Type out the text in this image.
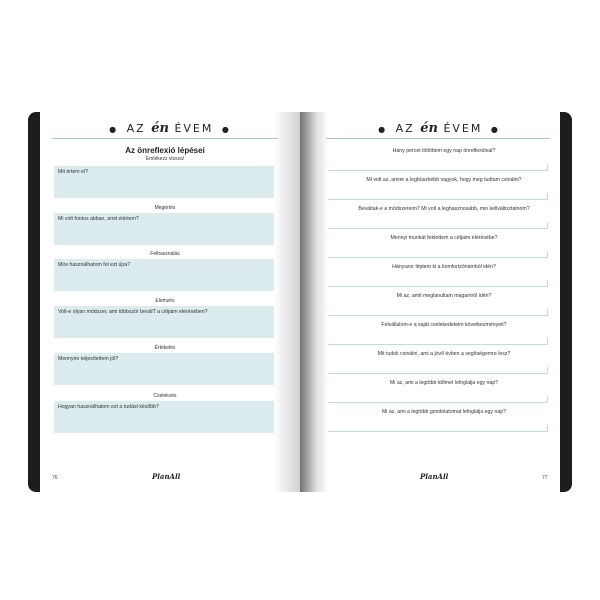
● AZ én ÉVEM ●
Az önreflexió lépései
Emlékezz vissza!
Mit értem el?
Megértés
Mi volt fontos abban, amit elértem?
Felhasználás
Mire használhatom fel ezt újra?
Elemzés
Volt-e olyan módszer, ami többször beválT a céljaim elérésében?
Értékelés
Mennyire teljesítettem jól?
Cselekvés
Hogyan használhatom ezt a tudást később?
76	PlanAll
● AZ én ÉVEM ●
Hány percet töltöttem egy nap önreflexióval?
Mi volt az, amire a legbüszkébb vagyok, hogy meg tudtam csinálni?
Beváltak-e a módszereim? Mi volt a leghasznosabb, min kellváltoztatnom?
Mennyi munkát fektettem a céljaim elérésébe?
Hányszor léptem ki a komfortzónámból idén?
Mi az, amit meglanultam magamról idén?
Felvállalom-e a saját cselekedeteim következményeit?
Mit tudok csinálni, ami a jövő évben a segítségemre lesz?
Mi az, ami a legtöbb időmet lefoglalja egy nap?
Mi az, ami a legtöbb gondolatomat lefoglalja egy nap?
PlanAll	77
